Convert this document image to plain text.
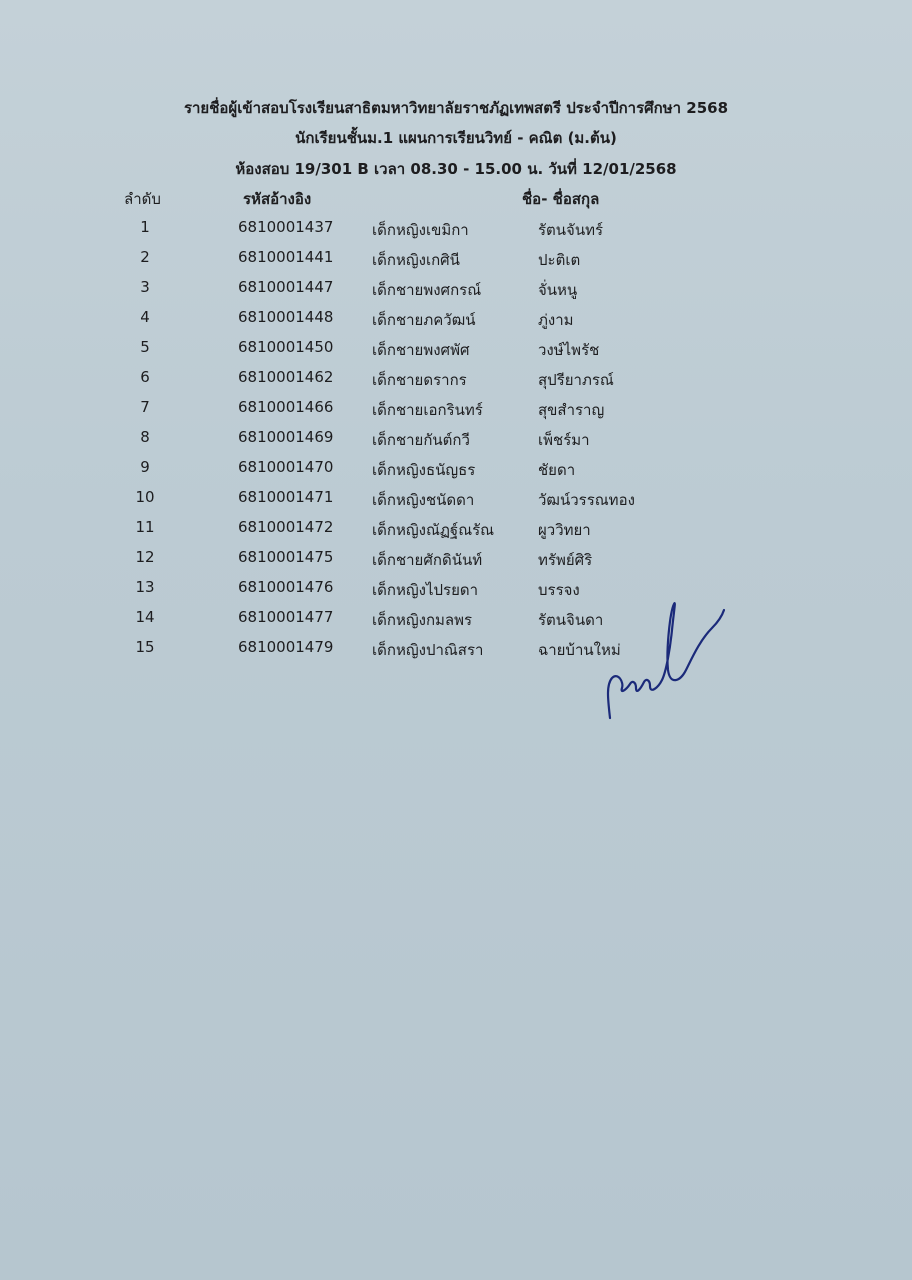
รายชื่อผู้เข้าสอบโรงเรียนสาธิตมหาวิทยาลัยราชภัฏเทพสตรี ประจำปีการศึกษา 2568
นักเรียนชั้นม.1 แผนการเรียนวิทย์ - คณิต (ม.ต้น)
ห้องสอบ 19/301 B เวลา 08.30 - 15.00 น. วันที่ 12/01/2568
ลำดับ	รหัสอ้างอิง	ชื่อ- ชื่อสกุล
1	6810001437	เด็กหญิงเขมิกา	รัตนจันทร์
2	6810001441	เด็กหญิงเกศินี	ปะติเต
3	6810001447	เด็กชายพงศกรณ์	จั่นหนู
4	6810001448	เด็กชายภควัฒน์	ภู่งาม
5	6810001450	เด็กชายพงศพัศ	วงษ์ไพรัช
6	6810001462	เด็กชายดรากร	สุปรียาภรณ์
7	6810001466	เด็กชายเอกรินทร์	สุขสำราญ
8	6810001469	เด็กชายกันต์กวี	เพ็ชร์มา
9	6810001470	เด็กหญิงธนัญธร	ชัยดา
10	6810001471	เด็กหญิงชนัดดา	วัฒน์วรรณทอง
11	6810001472	เด็กหญิงณัฏฐ์ณรัณ	ผูววิทยา
12	6810001475	เด็กชายศักดินันท์	ทรัพย์ศิริ
13	6810001476	เด็กหญิงไปรยดา	บรรจง
14	6810001477	เด็กหญิงกมลพร	รัตนจินดา
15	6810001479	เด็กหญิงปาณิสรา	ฉายบ้านใหม่
